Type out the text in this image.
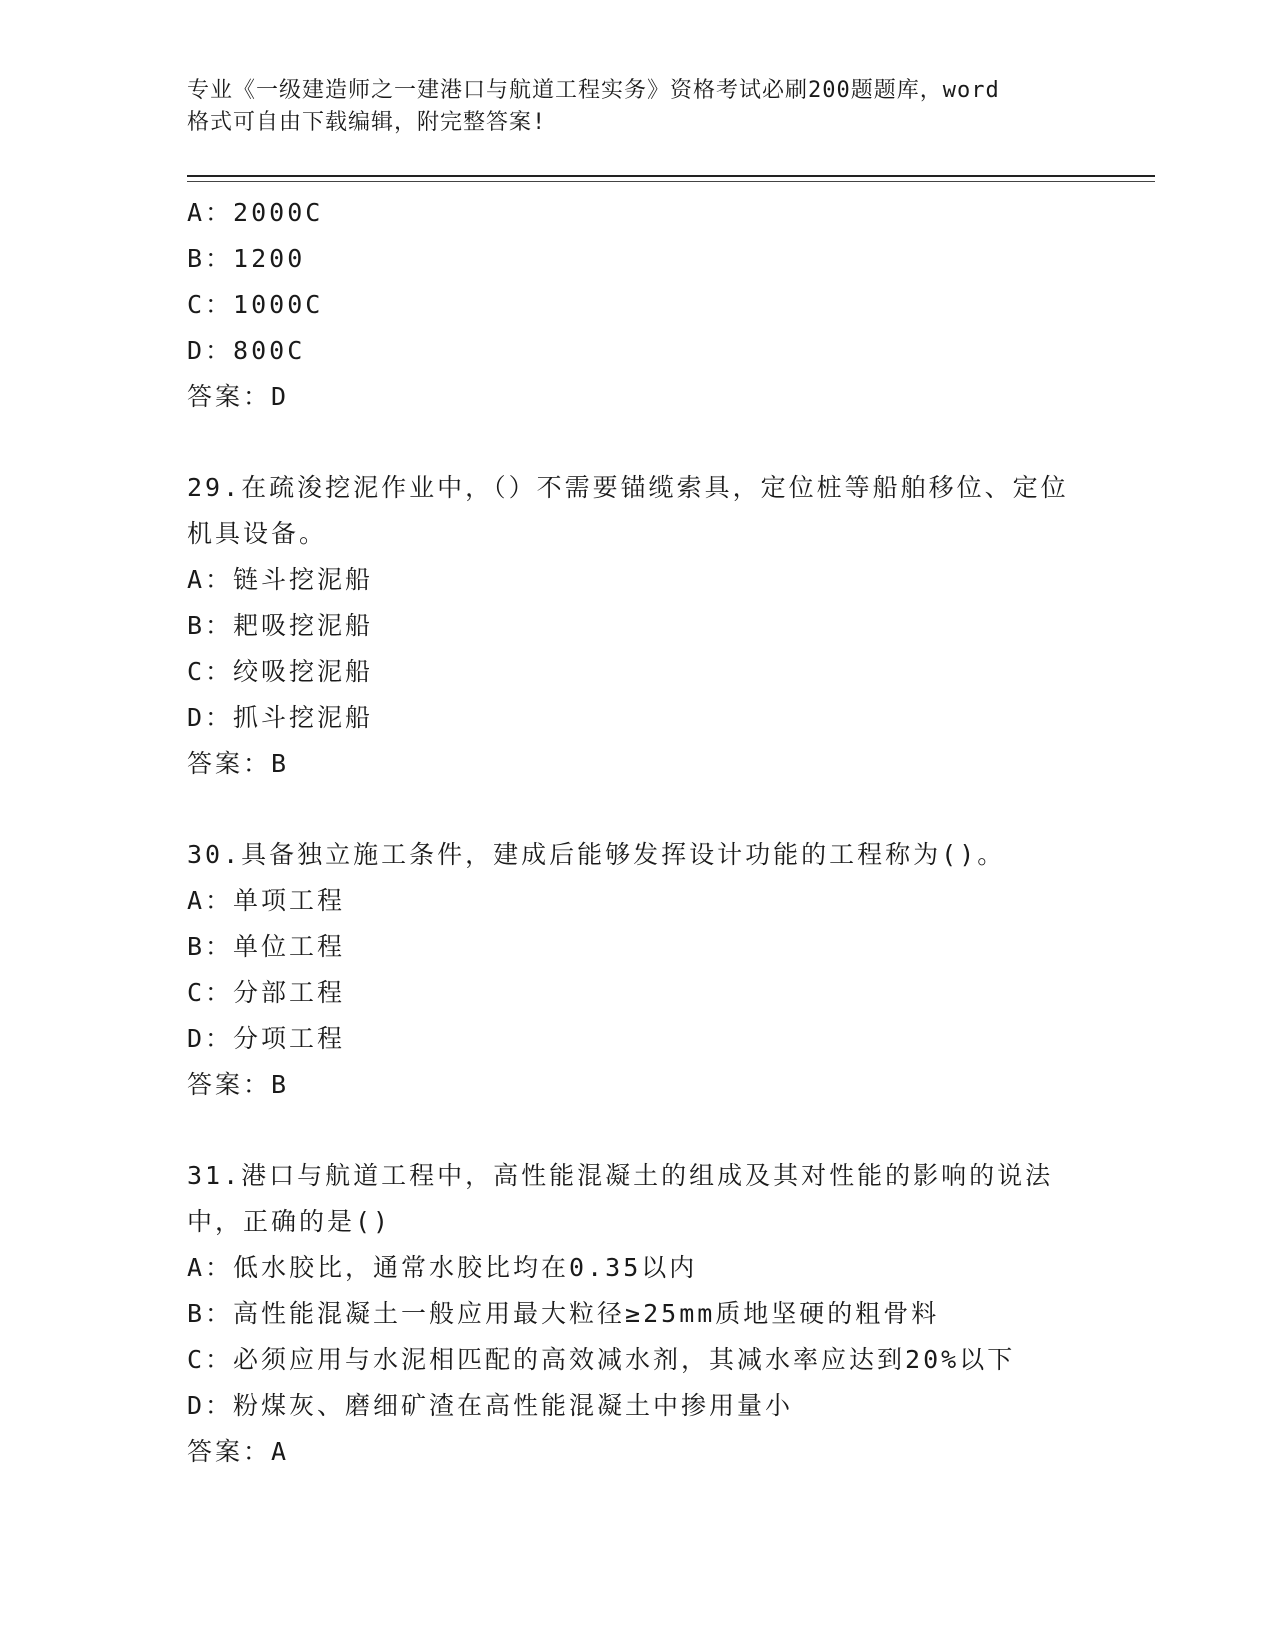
专业《一级建造师之一建港口与航道工程实务》资格考试必刷200题题库，word
格式可自由下载编辑，附完整答案!
A：2000C
B：1200
C：1000C
D：800C
答案：D
29.在疏浚挖泥作业中，（）不需要锚缆索具，定位桩等船舶移位、定位机具设备。
A：链斗挖泥船
B：耙吸挖泥船
C：绞吸挖泥船
D：抓斗挖泥船
答案：B
30.具备独立施工条件，建成后能够发挥设计功能的工程称为()。
A：单项工程
B：单位工程
C：分部工程
D：分项工程
答案：B
31.港口与航道工程中，高性能混凝土的组成及其对性能的影响的说法中，正确的是()
A：低水胶比，通常水胶比均在0.35以内
B：高性能混凝土一般应用最大粒径≥25mm质地坚硬的粗骨料
C：必须应用与水泥相匹配的高效减水剂，其减水率应达到20%以下
D：粉煤灰、磨细矿渣在高性能混凝土中掺用量小
答案：A
